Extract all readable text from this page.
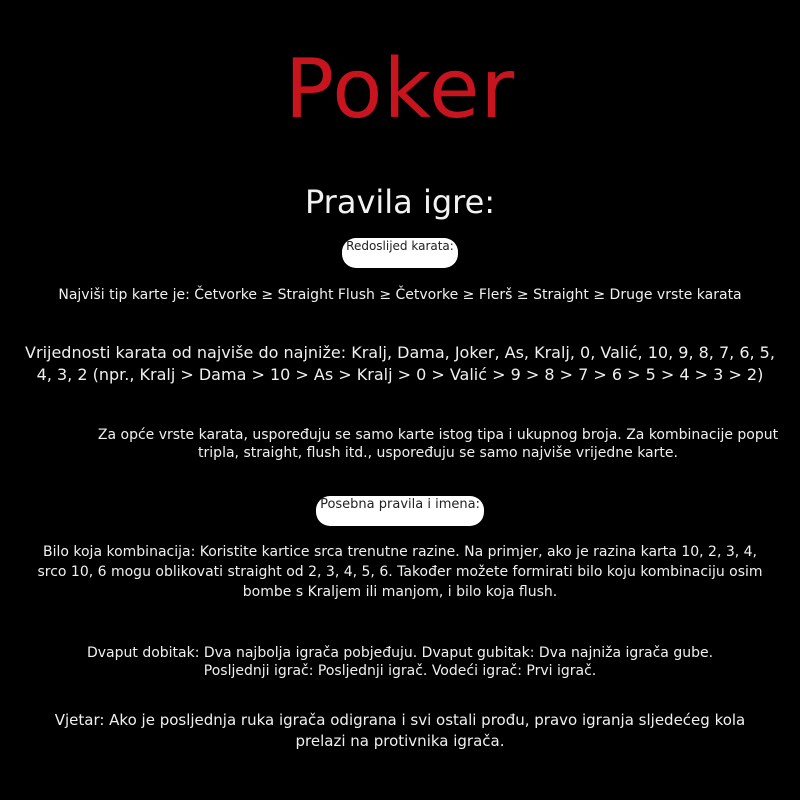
Poker
Pravila igre:
Redoslijed karata:
Najviši tip karte je: Četvorke ≥ Straight Flush ≥ Četvorke ≥ Flerš ≥ Straight ≥ Druge vrste karata
Vrijednosti karata od najviše do najniže: Kralj, Dama, Joker, As, Kralj, 0, Valić, 10, 9, 8, 7, 6, 5, 4, 3, 2 (npr., Kralj > Dama > 10 > As > Kralj > 0 > Valić > 9 > 8 > 7 > 6 > 5 > 4 > 3 > 2)
Za opće vrste karata, uspoređuju se samo karte istog tipa i ukupnog broja. Za kombinacije poput tripla, straight, flush itd., uspoređuju se samo najviše vrijedne karte.
Posebna pravila i imena:
Bilo koja kombinacija: Koristite kartice srca trenutne razine. Na primjer, ako je razina karta 10, 2, 3, 4, srco 10, 6 mogu oblikovati straight od 2, 3, 4, 5, 6. Također možete formirati bilo koju kombinaciju osim bombe s Kraljem ili manjom, i bilo koja flush.
Dvaput dobitak: Dva najbolja igrača pobjeđuju. Dvaput gubitak: Dva najniža igrača gube.
Posljednji igrač: Posljednji igrač. Vodeći igrač: Prvi igrač.
Vjetar: Ako je posljednja ruka igrača odigrana i svi ostali prođu, pravo igranja sljedećeg kola prelazi na protivnika igrača.
